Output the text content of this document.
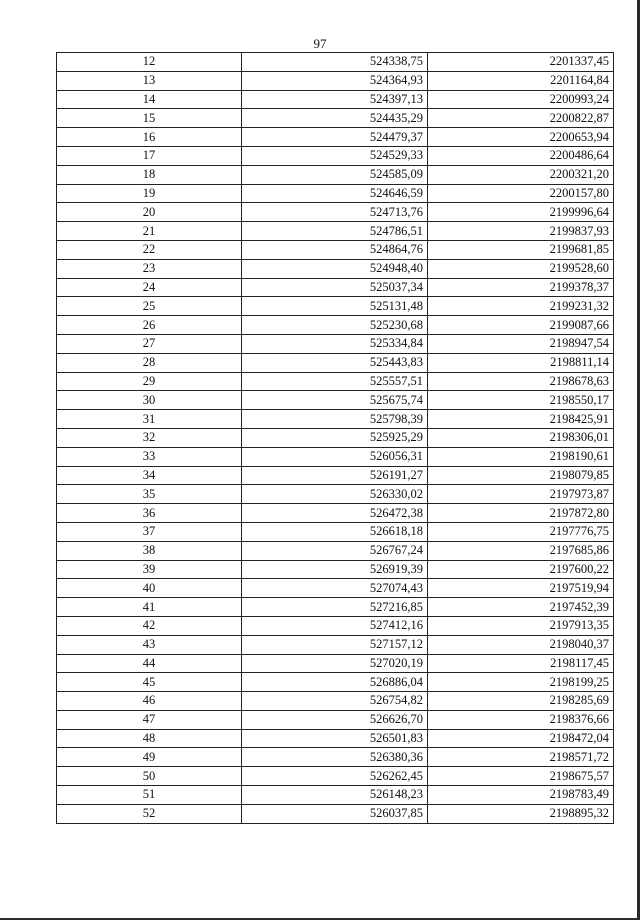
97
12	524338,75	2201337,45
13	524364,93	2201164,84
14	524397,13	2200993,24
15	524435,29	2200822,87
16	524479,37	2200653,94
17	524529,33	2200486,64
18	524585,09	2200321,20
19	524646,59	2200157,80
20	524713,76	2199996,64
21	524786,51	2199837,93
22	524864,76	2199681,85
23	524948,40	2199528,60
24	525037,34	2199378,37
25	525131,48	2199231,32
26	525230,68	2199087,66
27	525334,84	2198947,54
28	525443,83	2198811,14
29	525557,51	2198678,63
30	525675,74	2198550,17
31	525798,39	2198425,91
32	525925,29	2198306,01
33	526056,31	2198190,61
34	526191,27	2198079,85
35	526330,02	2197973,87
36	526472,38	2197872,80
37	526618,18	2197776,75
38	526767,24	2197685,86
39	526919,39	2197600,22
40	527074,43	2197519,94
41	527216,85	2197452,39
42	527412,16	2197913,35
43	527157,12	2198040,37
44	527020,19	2198117,45
45	526886,04	2198199,25
46	526754,82	2198285,69
47	526626,70	2198376,66
48	526501,83	2198472,04
49	526380,36	2198571,72
50	526262,45	2198675,57
51	526148,23	2198783,49
52	526037,85	2198895,32
